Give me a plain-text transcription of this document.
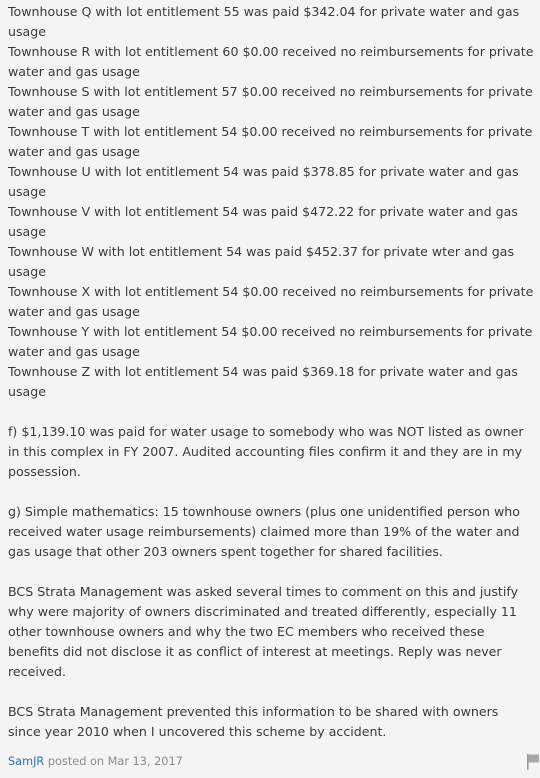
Townhouse Q with lot entitlement 55 was paid $342.04 for private water and gas usage

Townhouse R with lot entitlement 60 $0.00 received no reimbursements for private water and gas usage

Townhouse S with lot entitlement 57 $0.00 received no reimbursements for private water and gas usage

Townhouse T with lot entitlement 54 $0.00 received no reimbursements for private water and gas usage

Townhouse U with lot entitlement 54 was paid $378.85 for private water and gas usage

Townhouse V with lot entitlement 54 was paid $472.22 for private water and gas usage

Townhouse W with lot entitlement 54 was paid $452.37 for private wter and gas usage

Townhouse X with lot entitlement 54 $0.00 received no reimbursements for private water and gas usage

Townhouse Y with lot entitlement 54 $0.00 received no reimbursements for private water and gas usage

Townhouse Z with lot entitlement 54 was paid $369.18 for private water and gas usage

f) $1,139.10 was paid for water usage to somebody who was NOT listed as owner in this complex in FY 2007. Audited accounting files confirm it and they are in my possession.

g) Simple mathematics: 15 townhouse owners (plus one unidentified person who received water usage reimbursements) claimed more than 19% of the water and gas usage that other 203 owners spent together for shared facilities.

BCS Strata Management was asked several times to comment on this and justify why were majority of owners discriminated and treated differently, especially 11 other townhouse owners and why the two EC members who received these benefits did not disclose it as conflict of interest at meetings. Reply was never received.

BCS Strata Management prevented this information to be shared with owners since year 2010 when I uncovered this scheme by accident.

SamJR posted on Mar 13, 2017
